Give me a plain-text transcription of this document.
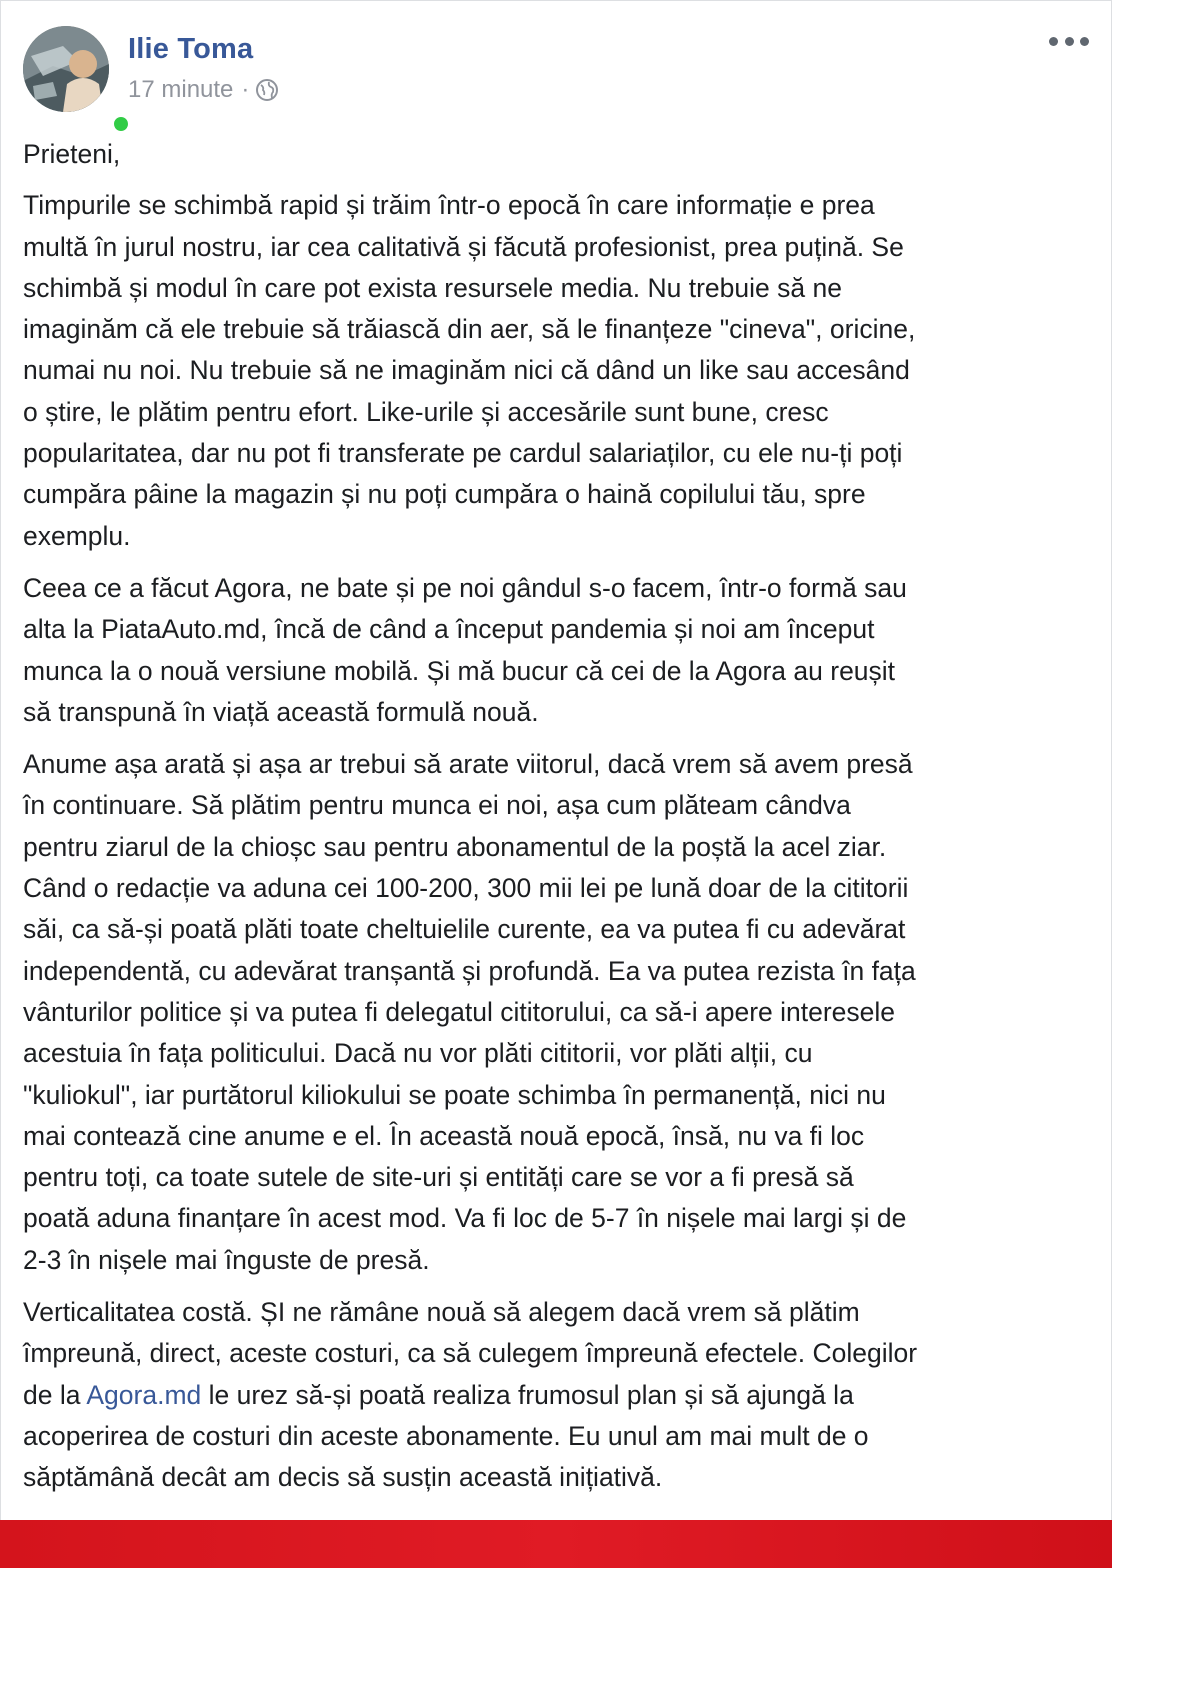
Ilie Toma
17 minute ·

Prieteni,

Timpurile se schimbă rapid și trăim într-o epocă în care informație e prea
multă în jurul nostru, iar cea calitativă și făcută profesionist, prea puțină. Se
schimbă și modul în care pot exista resursele media. Nu trebuie să ne
imaginăm că ele trebuie să trăiască din aer, să le finanțeze "cineva", oricine,
numai nu noi. Nu trebuie să ne imaginăm nici că dând un like sau accesând
o știre, le plătim pentru efort. Like-urile și accesările sunt bune, cresc
popularitatea, dar nu pot fi transferate pe cardul salariaților, cu ele nu-ți poți
cumpăra pâine la magazin și nu poți cumpăra o haină copilului tău, spre
exemplu.

Ceea ce a făcut Agora, ne bate și pe noi gândul s-o facem, într-o formă sau
alta la PiataAuto.md, încă de când a început pandemia și noi am început
munca la o nouă versiune mobilă. Și mă bucur că cei de la Agora au reușit
să transpună în viață această formulă nouă.

Anume așa arată și așa ar trebui să arate viitorul, dacă vrem să avem presă
în continuare. Să plătim pentru munca ei noi, așa cum plăteam cândva
pentru ziarul de la chioșc sau pentru abonamentul de la poștă la acel ziar.
Când o redacție va aduna cei 100-200, 300 mii lei pe lună doar de la cititorii
săi, ca să-și poată plăti toate cheltuielile curente, ea va putea fi cu adevărat
independentă, cu adevărat tranșantă și profundă. Ea va putea rezista în fața
vânturilor politice și va putea fi delegatul cititorului, ca să-i apere interesele
acestuia în fața politicului. Dacă nu vor plăti cititorii, vor plăti alții, cu
"kuliokul", iar purtătorul kiliokului se poate schimba în permanență, nici nu
mai contează cine anume e el. În această nouă epocă, însă, nu va fi loc
pentru toți, ca toate sutele de site-uri și entități care se vor a fi presă să
poată aduna finanțare în acest mod. Va fi loc de 5-7 în nișele mai largi și de
2-3 în nișele mai înguste de presă.

Verticalitatea costă. ȘI ne rămâne nouă să alegem dacă vrem să plătim
împreună, direct, aceste costuri, ca să culegem împreună efectele. Colegilor
de la Agora.md le urez să-și poată realiza frumosul plan și să ajungă la
acoperirea de costuri din aceste abonamente. Eu unul am mai mult de o
săptămână decât am decis să susțin această inițiativă.
